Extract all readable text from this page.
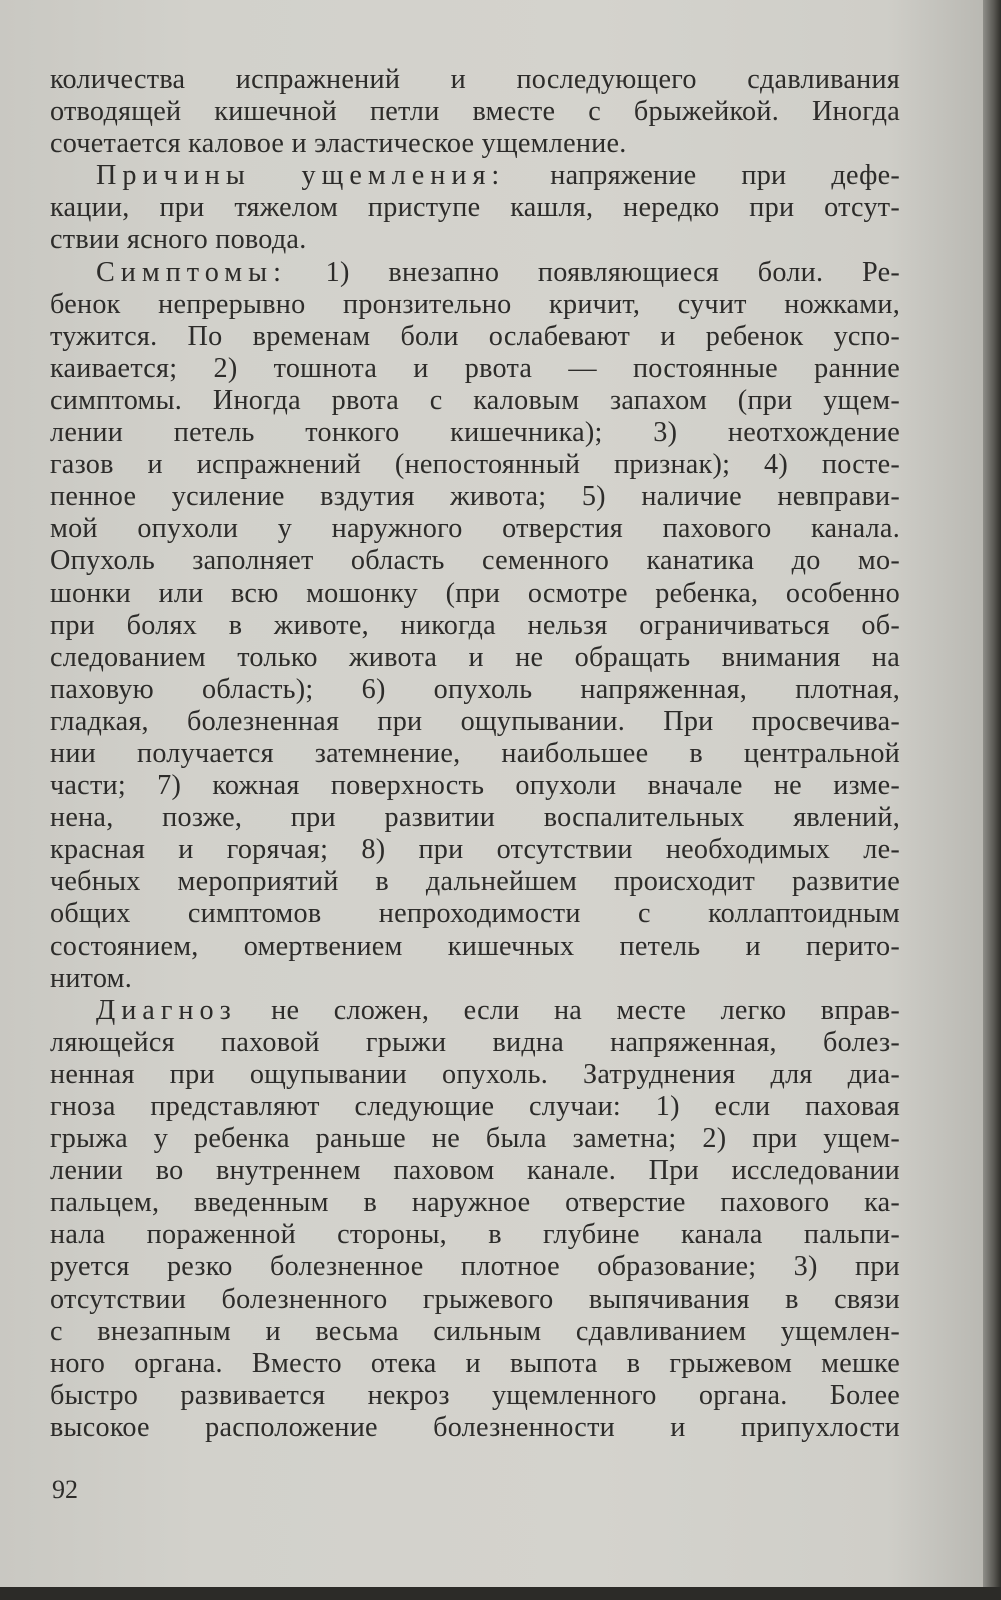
количества испражнений и последующего сдавливания
отводящей кишечной петли вместе с брыжейкой. Иногда
сочетается каловое и эластическое ущемление.
Причины ущемления: напряжение при дефе-
кации, при тяжелом приступе кашля, нередко при отсут-
ствии ясного повода.
Симптомы: 1) внезапно появляющиеся боли. Ре-
бенок непрерывно пронзительно кричит, сучит ножками,
тужится. По временам боли ослабевают и ребенок успо-
каивается; 2) тошнота и рвота — постоянные ранние
симптомы. Иногда рвота с каловым запахом (при ущем-
лении петель тонкого кишечника); 3) неотхождение
газов и испражнений (непостоянный признак); 4) посте-
пенное усиление вздутия живота; 5) наличие невправи-
мой опухоли у наружного отверстия пахового канала.
Опухоль заполняет область семенного канатика до мо-
шонки или всю мошонку (при осмотре ребенка, особенно
при болях в животе, никогда нельзя ограничиваться об-
следованием только живота и не обращать внимания на
паховую область); 6) опухоль напряженная, плотная,
гладкая, болезненная при ощупывании. При просвечива-
нии получается затемнение, наибольшее в центральной
части; 7) кожная поверхность опухоли вначале не изме-
нена, позже, при развитии воспалительных явлений,
красная и горячая; 8) при отсутствии необходимых ле-
чебных мероприятий в дальнейшем происходит развитие
общих симптомов непроходимости с коллаптоидным
состоянием, омертвением кишечных петель и перито-
нитом.
Диагноз не сложен, если на месте легко вправ-
ляющейся паховой грыжи видна напряженная, болез-
ненная при ощупывании опухоль. Затруднения для диа-
гноза представляют следующие случаи: 1) если паховая
грыжа у ребенка раньше не была заметна; 2) при ущем-
лении во внутреннем паховом канале. При исследовании
пальцем, введенным в наружное отверстие пахового ка-
нала пораженной стороны, в глубине канала пальпи-
руется резко болезненное плотное образование; 3) при
отсутствии болезненного грыжевого выпячивания в связи
с внезапным и весьма сильным сдавливанием ущемлен-
ного органа. Вместо отека и выпота в грыжевом мешке
быстро развивается некроз ущемленного органа. Более
высокое расположение болезненности и припухлости
92
